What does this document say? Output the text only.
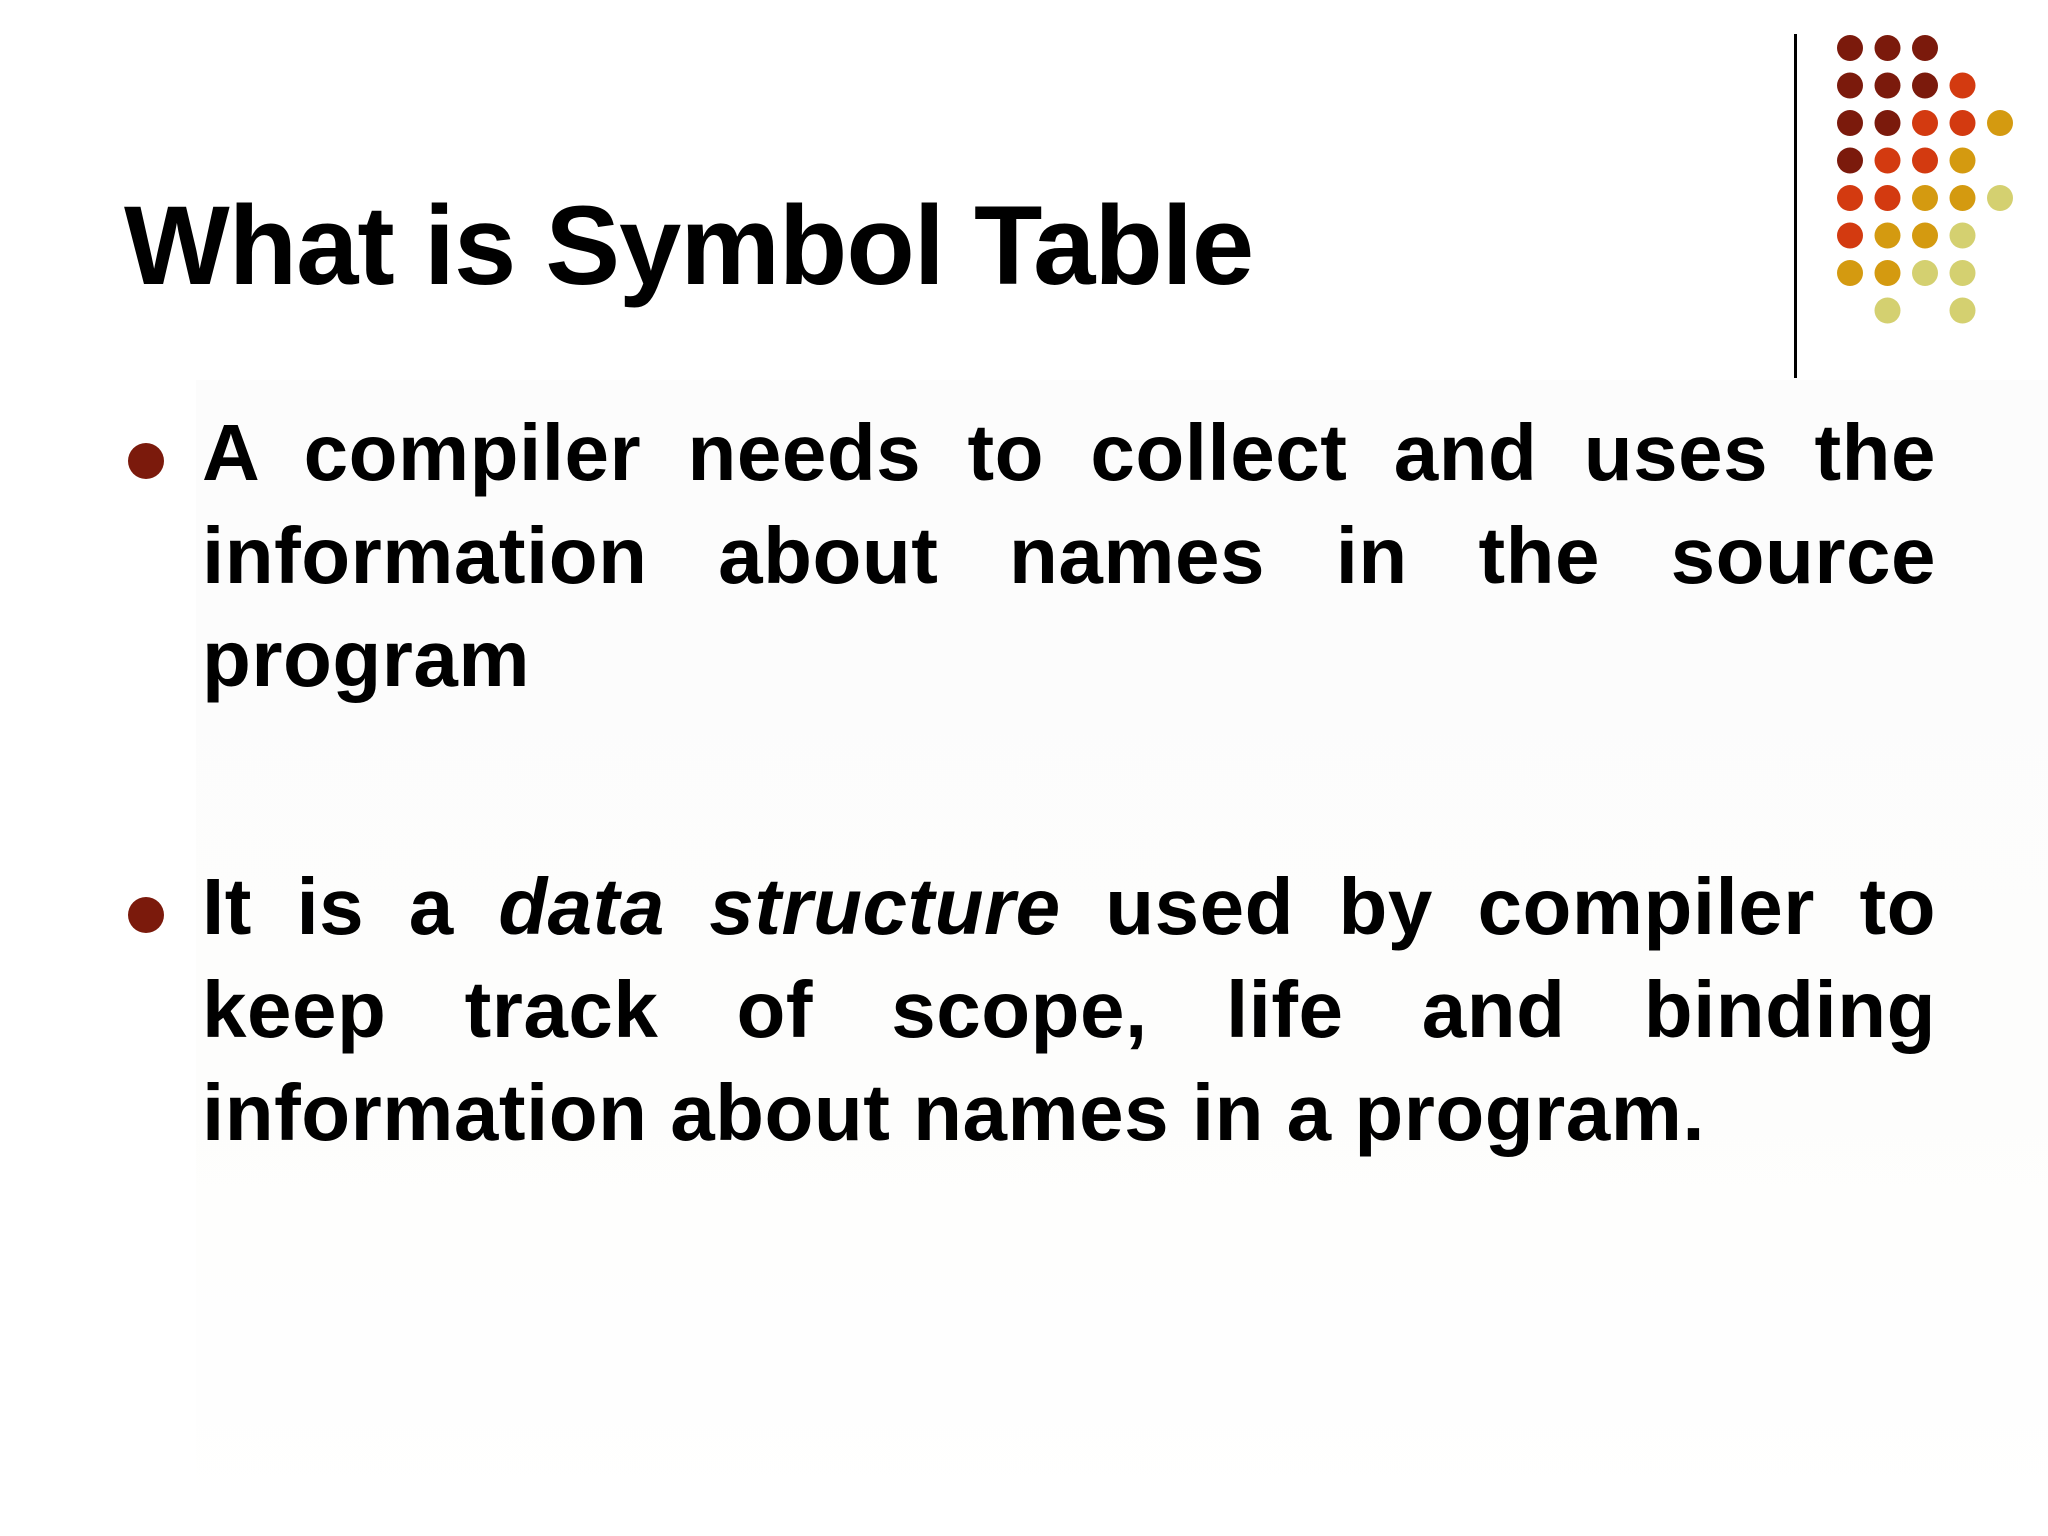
What is Symbol Table

A compiler needs to collect and uses the information about names in the source program

It is a data structure used by compiler to keep track of scope, life and binding information about names in a program.
